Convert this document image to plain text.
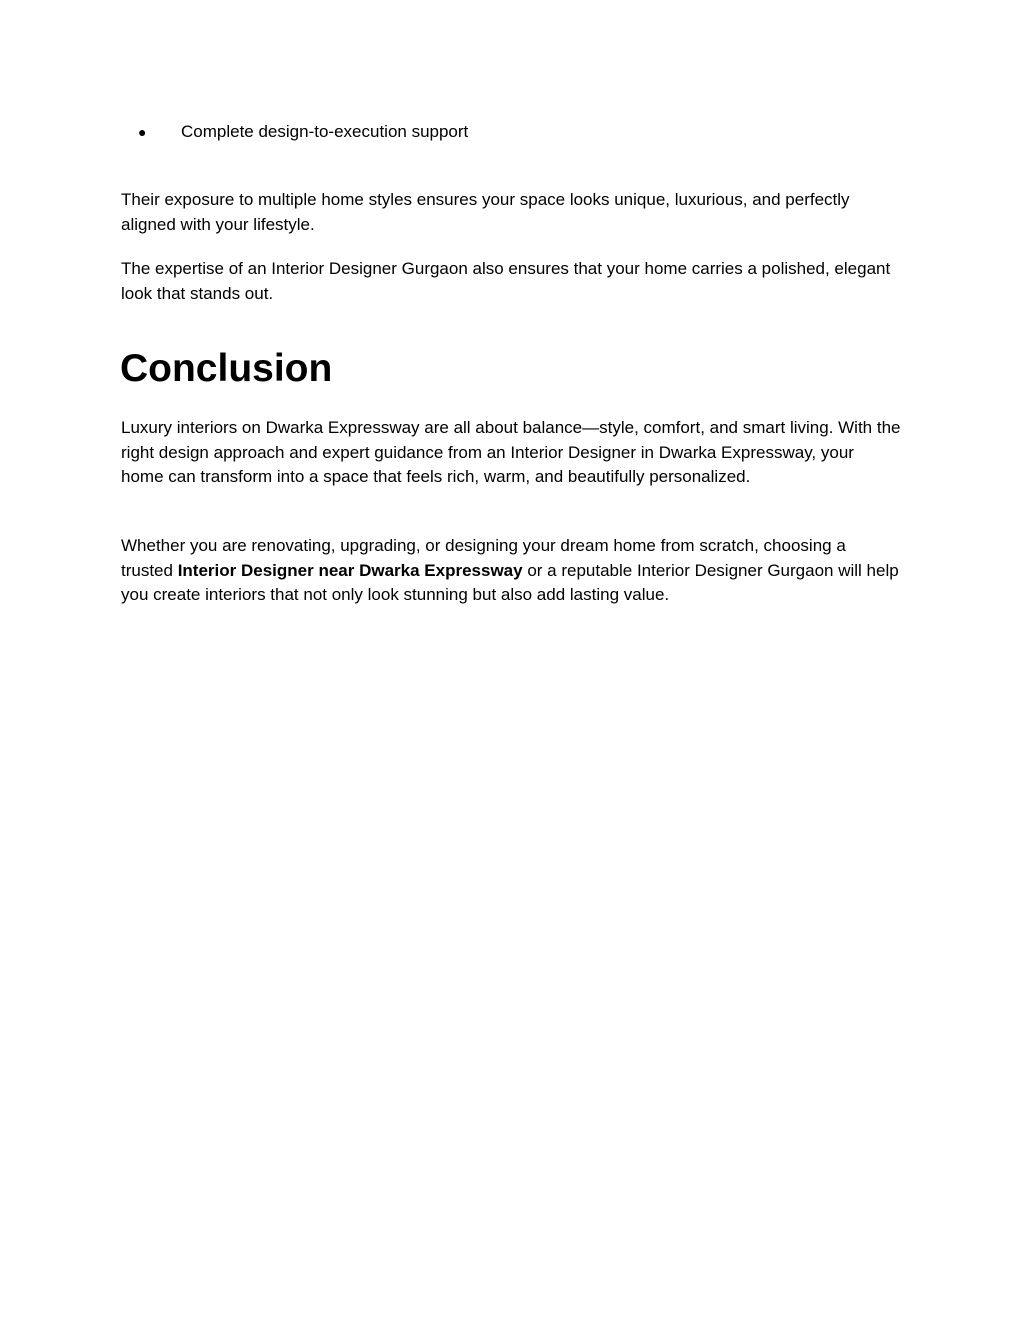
● Complete design-to-execution support

Their exposure to multiple home styles ensures your space looks unique, luxurious, and perfectly aligned with your lifestyle.

The expertise of an Interior Designer Gurgaon also ensures that your home carries a polished, elegant look that stands out.

Conclusion

Luxury interiors on Dwarka Expressway are all about balance—style, comfort, and smart living. With the right design approach and expert guidance from an Interior Designer in Dwarka Expressway, your home can transform into a space that feels rich, warm, and beautifully personalized.

Whether you are renovating, upgrading, or designing your dream home from scratch, choosing a trusted Interior Designer near Dwarka Expressway or a reputable Interior Designer Gurgaon will help you create interiors that not only look stunning but also add lasting value.
